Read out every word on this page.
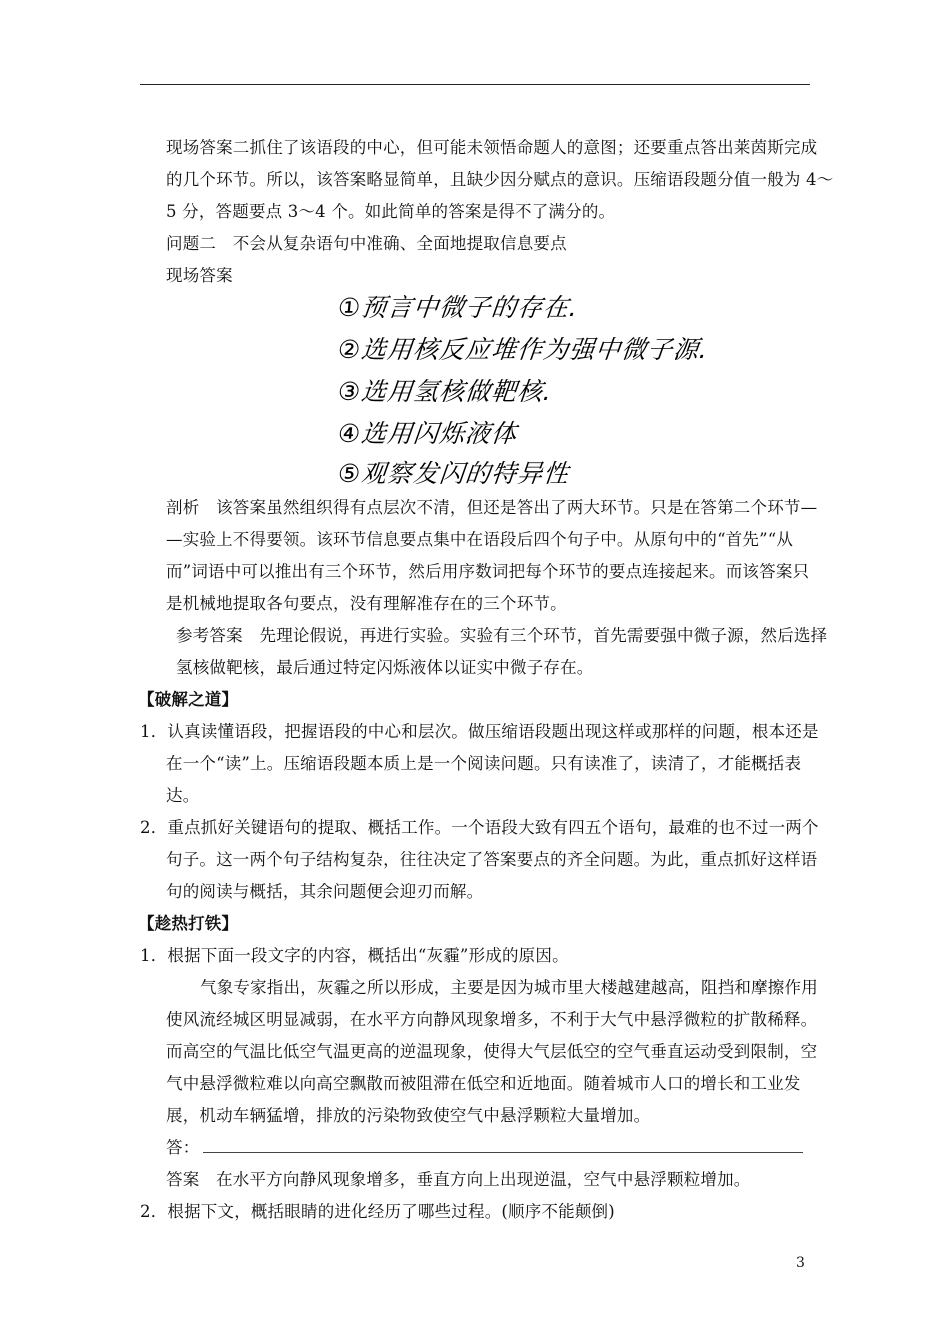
现场答案二抓住了该语段的中心，但可能未领悟命题人的意图；还要重点答出莱茵斯完成
的几个环节。所以，该答案略显简单，且缺少因分赋点的意识。压缩语段题分值一般为 4～
5 分，答题要点 3～4 个。如此简单的答案是得不了满分的。
问题二　不会从复杂语句中准确、全面地提取信息要点
现场答案
①预言中微子的存在.
②选用核反应堆作为强中微子源.
③选用氢核做靶核.
④选用闪烁液体
⑤观察发闪的特异性
剖析　该答案虽然组织得有点层次不清，但还是答出了两大环节。只是在答第二个环节—
—实验上不得要领。该环节信息要点集中在语段后四个句子中。从原句中的“首先”“从
而”词语中可以推出有三个环节，然后用序数词把每个环节的要点连接起来。而该答案只
是机械地提取各句要点，没有理解准存在的三个环节。
参考答案　先理论假说，再进行实验。实验有三个环节，首先需要强中微子源，然后选择
氢核做靶核，最后通过特定闪烁液体以证实中微子存在。
【破解之道】
1．认真读懂语段，把握语段的中心和层次。做压缩语段题出现这样或那样的问题，根本还是
在一个“读”上。压缩语段题本质上是一个阅读问题。只有读准了，读清了，才能概括表
达。
2．重点抓好关键语句的提取、概括工作。一个语段大致有四五个语句，最难的也不过一两个
句子。这一两个句子结构复杂，往往决定了答案要点的齐全问题。为此，重点抓好这样语
句的阅读与概括，其余问题便会迎刃而解。
【趁热打铁】
1．根据下面一段文字的内容，概括出“灰霾”形成的原因。
气象专家指出，灰霾之所以形成，主要是因为城市里大楼越建越高，阻挡和摩擦作用
使风流经城区明显减弱，在水平方向静风现象增多，不利于大气中悬浮微粒的扩散稀释。
而高空的气温比低空气温更高的逆温现象，使得大气层低空的空气垂直运动受到限制，空
气中悬浮微粒难以向高空飘散而被阻滞在低空和近地面。随着城市人口的增长和工业发
展，机动车辆猛增，排放的污染物致使空气中悬浮颗粒大量增加。
答：
答案　在水平方向静风现象增多，垂直方向上出现逆温，空气中悬浮颗粒增加。
2．根据下文，概括眼睛的进化经历了哪些过程。(顺序不能颠倒)
3
